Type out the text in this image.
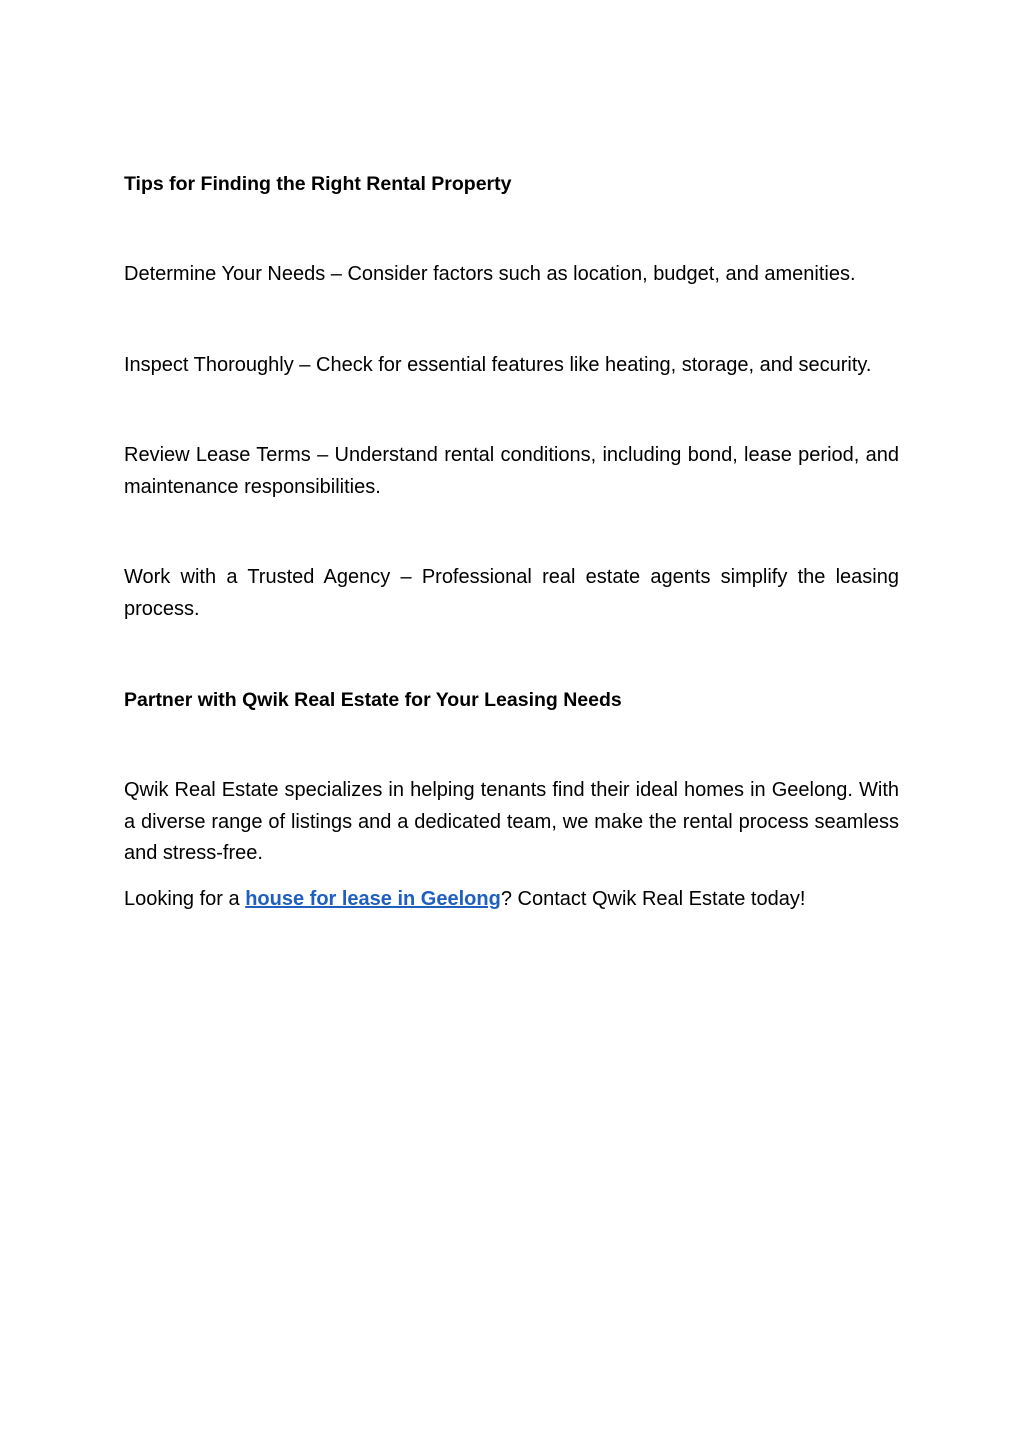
Tips for Finding the Right Rental Property

Determine Your Needs – Consider factors such as location, budget, and amenities.

Inspect Thoroughly – Check for essential features like heating, storage, and security.

Review Lease Terms – Understand rental conditions, including bond, lease period, and maintenance responsibilities.

Work with a Trusted Agency – Professional real estate agents simplify the leasing process.

Partner with Qwik Real Estate for Your Leasing Needs

Qwik Real Estate specializes in helping tenants find their ideal homes in Geelong. With a diverse range of listings and a dedicated team, we make the rental process seamless and stress-free.

Looking for a house for lease in Geelong? Contact Qwik Real Estate today!
